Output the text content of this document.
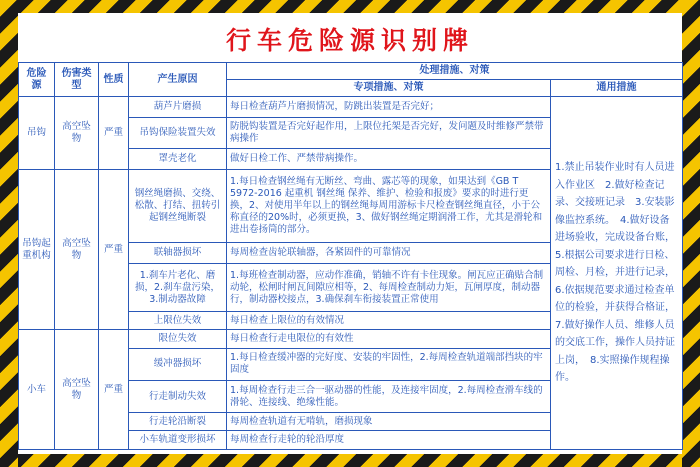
行车危险源识别牌
危险源	伤害类型	性质	产生原因	处理措施、对策	
				专项措施、对策	通用措施
吊钩	高空坠物	严重	葫芦片磨损	每日检查葫芦片磨损情况，防跳出装置是否完好；	1.禁止吊装作业时有人员进入作业区　2.做好检查记录、交接班记录　3.安装影像监控系统。　4.做好设备进场验收，完成设备台账，　5.根据公司要求进行日检、周检、月检，并进行记录，6.依据规范要求通过检查单位的检验，并获得合格证，　7.做好操作人员、维修人员的交底工作，操作人员持证上岗，　8.实照操作规程操作。
			吊钩保险装置失效	防脱钩装置是否完好起作用，上限位托架是否完好，发问题及时维修严禁带病操作	
			罩壳老化	做好日检工作、严禁带病操作。	
吊钩起重机构	高空坠物	严重	钢丝绳磨损、交绕、松散、打结、扭转引起钢丝绳断裂	1.每日检查钢丝绳有无断丝、弯曲、露芯等的现象，如果达到《GB T 5972-2016 起重机 钢丝绳 保养、维护、检验和报废》要求的时进行更换，2、对使用半年以上的钢丝绳每周用游标卡尺检查钢丝绳直径，小于公称直径的20%时，必须更换，3、做好钢丝绳定期润滑工作，尤其是滑轮和进出卷扬筒的部分。	
			联轴器损坏	每周检查齿轮联轴器，各紧固件的可靠情况	
			1.刹车片老化、磨损，2.刹车盘污染，3.制动器故障	1.每班检查制动器，应动作准确，销轴不许有卡住现象。闸瓦应正确贴合制动轮，松闸时闸瓦间隙应相等，2、每周检查制动力矩，瓦闸厚度，制动器行，制动器校接点，3.确保刹车衔接装置正常使用	
			上限位失效	每日检查上限位的有效情况	
小车	高空坠物	严重	限位失效	每日检查行走电限位的有效性	
			缓冲器损坏	1.每日检查缓冲器的完好度、安装的牢固性，2.每周检查轨道端部挡块的牢固度	
			行走制动失效	1.每周检查行走三合一驱动器的性能，及连接牢固度，2.每周检查滑车线的滑轮、连接线、绝缘性能。	
			行走轮沿断裂	每周检查轨道有无啃轨，磨损现象	
			小车轨道变形损坏	每周检查行走轮的轮沿厚度	
